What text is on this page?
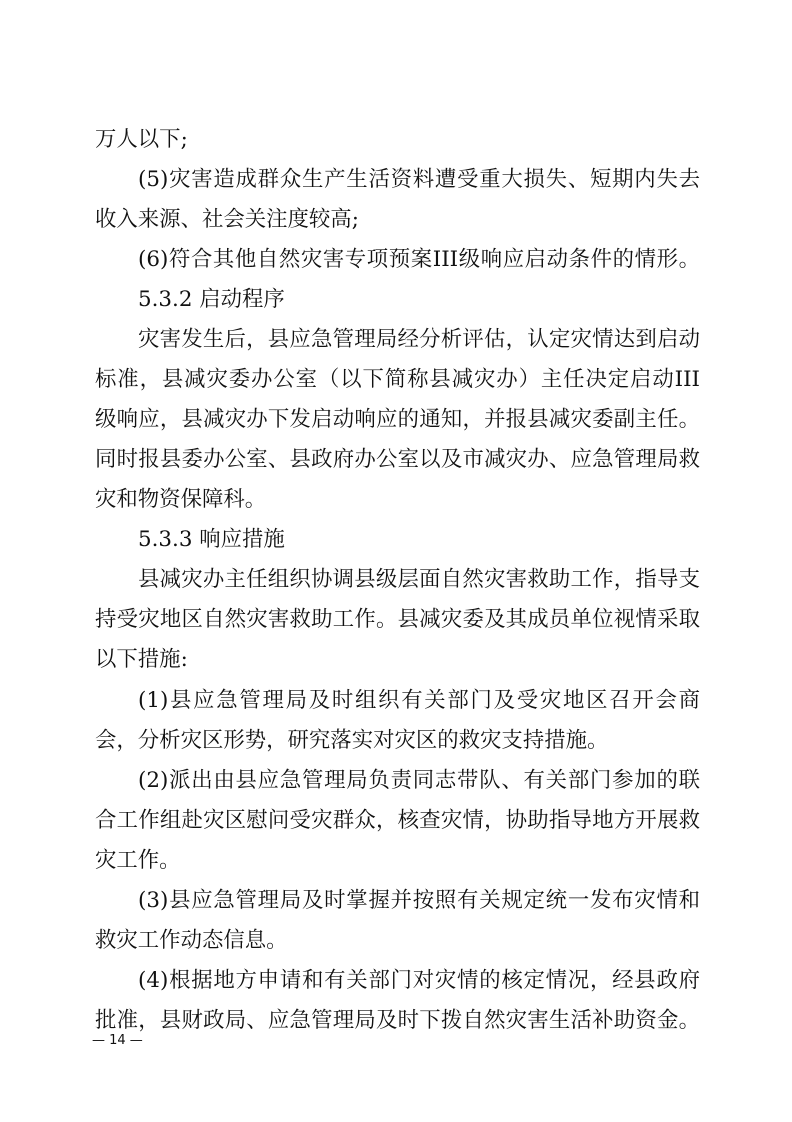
万人以下;
(5)灾害造成群众生产生活资料遭受重大损失、短期内失去
收入来源、社会关注度较高;
(6)符合其他自然灾害专项预案III级响应启动条件的情形。
5.3.2 启动程序
灾害发生后，县应急管理局经分析评估，认定灾情达到启动
标准，县减灾委办公室（以下简称县减灾办）主任决定启动III
级响应，县减灾办下发启动响应的通知，并报县减灾委副主任。
同时报县委办公室、县政府办公室以及市减灾办、应急管理局救
灾和物资保障科。
5.3.3 响应措施
县减灾办主任组织协调县级层面自然灾害救助工作，指导支
持受灾地区自然灾害救助工作。县减灾委及其成员单位视情采取
以下措施:
(1)县应急管理局及时组织有关部门及受灾地区召开会商
会，分析灾区形势，研究落实对灾区的救灾支持措施。
(2)派出由县应急管理局负责同志带队、有关部门参加的联
合工作组赴灾区慰问受灾群众，核查灾情，协助指导地方开展救
灾工作。
(3)县应急管理局及时掌握并按照有关规定统一发布灾情和
救灾工作动态信息。
(4)根据地方申请和有关部门对灾情的核定情况，经县政府
批准，县财政局、应急管理局及时下拨自然灾害生活补助资金。
— 14 —
